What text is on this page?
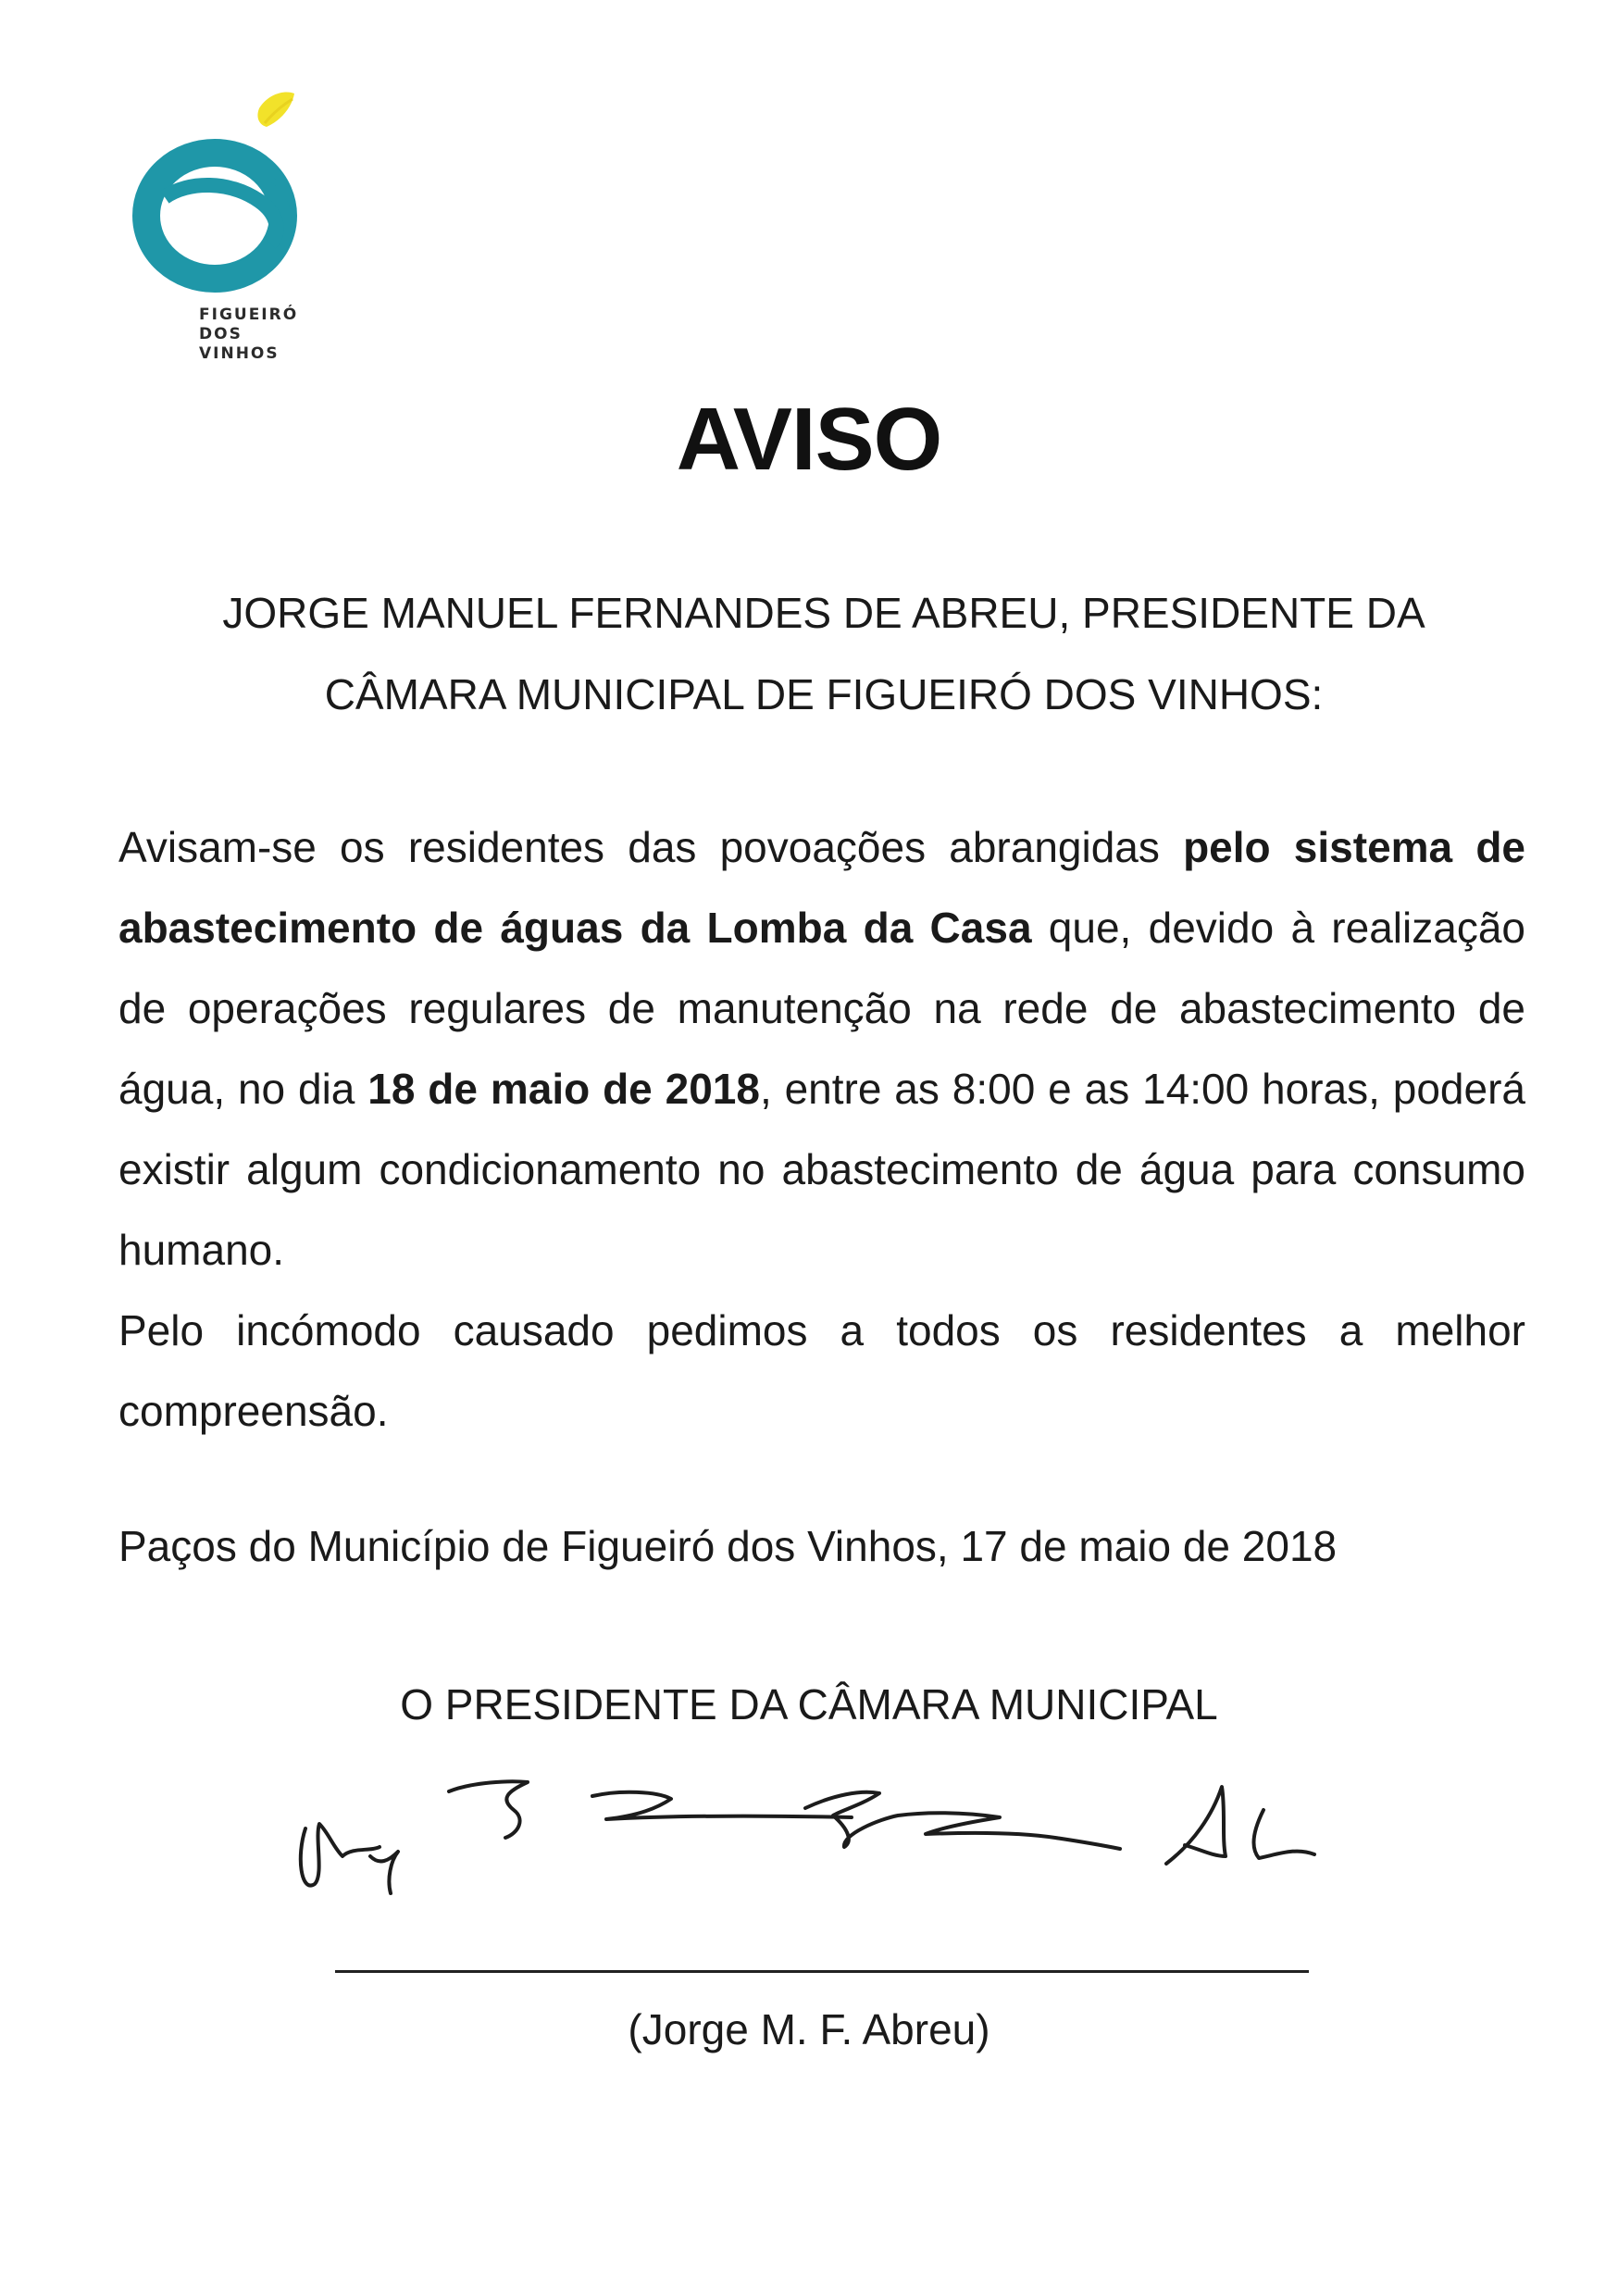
FIGUEIRÓ
DOS
VINHOS
AVISO
JORGE MANUEL FERNANDES DE ABREU, PRESIDENTE DA
CÂMARA MUNICIPAL DE FIGUEIRÓ DOS VINHOS:

Avisam-se os residentes das povoações abrangidas pelo sistema de abastecimento de águas da Lomba da Casa que, devido à realização de operações regulares de manutenção na rede de abastecimento de água, no dia 18 de maio de 2018, entre as 8:00 e as 14:00 horas, poderá existir algum condicionamento no abastecimento de água para consumo humano.

Pelo incómodo causado pedimos a todos os residentes a melhor compreensão.

Paços do Município de Figueiró dos Vinhos, 17 de maio de 2018
O PRESIDENTE DA CÂMARA MUNICIPAL
(Jorge M. F. Abreu)
